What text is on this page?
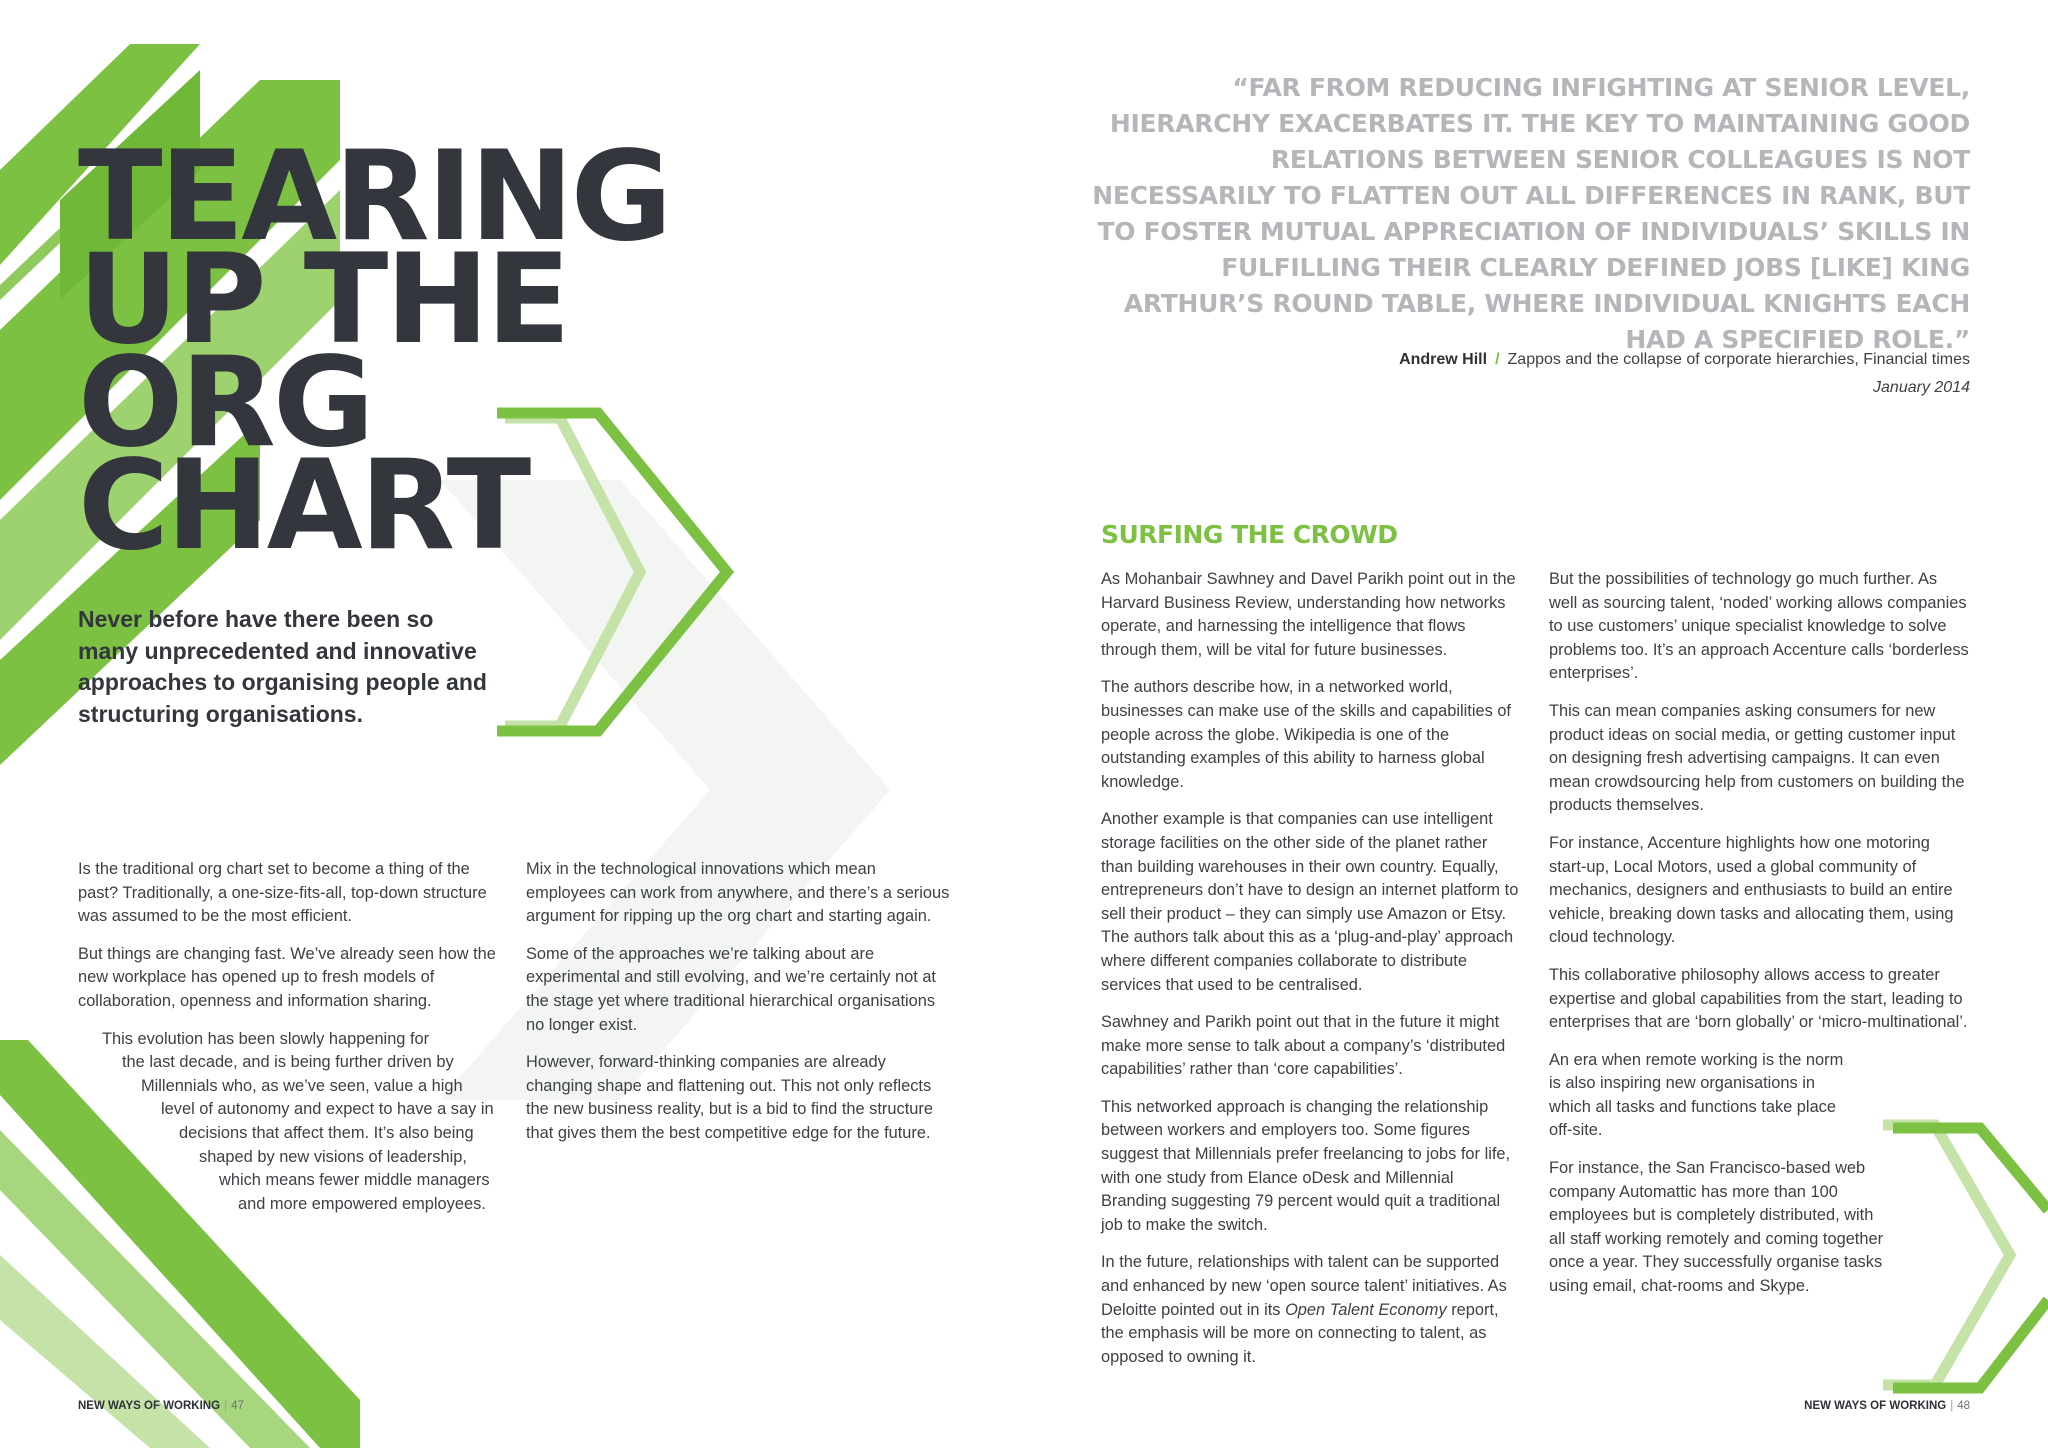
TEARING
UP THE
ORG
CHART

Never before have there been so many unprecedented and innovative approaches to organising people and structuring organisations.

Is the traditional org chart set to become a thing of the past? Traditionally, a one-size-fits-all, top-down structure was assumed to be the most efficient.

But things are changing fast. We’ve already seen how the new workplace has opened up to fresh models of collaboration, openness and information sharing.

This evolution has been slowly happening for
the last decade, and is being further driven by
Millennials who, as we’ve seen, value a high
level of autonomy and expect to have a say in
decisions that affect them. It’s also being
shaped by new visions of leadership,
which means fewer middle managers
and more empowered employees.

Mix in the technological innovations which mean employees can work from anywhere, and there’s a serious argument for ripping up the org chart and starting again.

Some of the approaches we’re talking about are experimental and still evolving, and we’re certainly not at the stage yet where traditional hierarchical organisations no longer exist.

However, forward-thinking companies are already changing shape and flattening out. This not only reflects the new business reality, but is a bid to find the structure that gives them the best competitive edge for the future.

NEW WAYS OF WORKING | 47

“FAR FROM REDUCING INFIGHTING AT SENIOR LEVEL, HIERARCHY EXACERBATES IT. THE KEY TO MAINTAINING GOOD RELATIONS BETWEEN SENIOR COLLEAGUES IS NOT NECESSARILY TO FLATTEN OUT ALL DIFFERENCES IN RANK, BUT TO FOSTER MUTUAL APPRECIATION OF INDIVIDUALS’ SKILLS IN FULFILLING THEIR CLEARLY DEFINED JOBS [LIKE] KING ARTHUR’S ROUND TABLE, WHERE INDIVIDUAL KNIGHTS EACH HAD A SPECIFIED ROLE.”

Andrew Hill / Zappos and the collapse of corporate hierarchies, Financial times
January 2014
SURFING THE CROWD

As Mohanbair Sawhney and Davel Parikh point out in the Harvard Business Review, understanding how networks operate, and harnessing the intelligence that flows through them, will be vital for future businesses.

The authors describe how, in a networked world, businesses can make use of the skills and capabilities of people across the globe. Wikipedia is one of the outstanding examples of this ability to harness global knowledge.

Another example is that companies can use intelligent storage facilities on the other side of the planet rather than building warehouses in their own country. Equally, entrepreneurs don’t have to design an internet platform to sell their product – they can simply use Amazon or Etsy. The authors talk about this as a ‘plug-and-play’ approach where different companies collaborate to distribute services that used to be centralised.

Sawhney and Parikh point out that in the future it might make more sense to talk about a company’s ‘distributed capabilities’ rather than ‘core capabilities’.

This networked approach is changing the relationship between workers and employers too. Some figures suggest that Millennials prefer freelancing to jobs for life, with one study from Elance oDesk and Millennial Branding suggesting 79 percent would quit a traditional job to make the switch.

In the future, relationships with talent can be supported and enhanced by new ‘open source talent’ initiatives. As Deloitte pointed out in its Open Talent Economy report, the emphasis will be more on connecting to talent, as opposed to owning it.

But the possibilities of technology go much further. As well as sourcing talent, ‘noded’ working allows companies to use customers’ unique specialist knowledge to solve problems too. It’s an approach Accenture calls ‘borderless enterprises’.

This can mean companies asking consumers for new product ideas on social media, or getting customer input on designing fresh advertising campaigns. It can even mean crowdsourcing help from customers on building the products themselves.

For instance, Accenture highlights how one motoring start-up, Local Motors, used a global community of mechanics, designers and enthusiasts to build an entire vehicle, breaking down tasks and allocating them, using cloud technology.

This collaborative philosophy allows access to greater expertise and global capabilities from the start, leading to enterprises that are ‘born globally’ or ‘micro-multinational’.

An era when remote working is the norm is also inspiring new organisations in which all tasks and functions take place off-site.

For instance, the San Francisco-based web company Automattic has more than 100 employees but is completely distributed, with all staff working remotely and coming together once a year. They successfully organise tasks using email, chat-rooms and Skype.

NEW WAYS OF WORKING | 48
